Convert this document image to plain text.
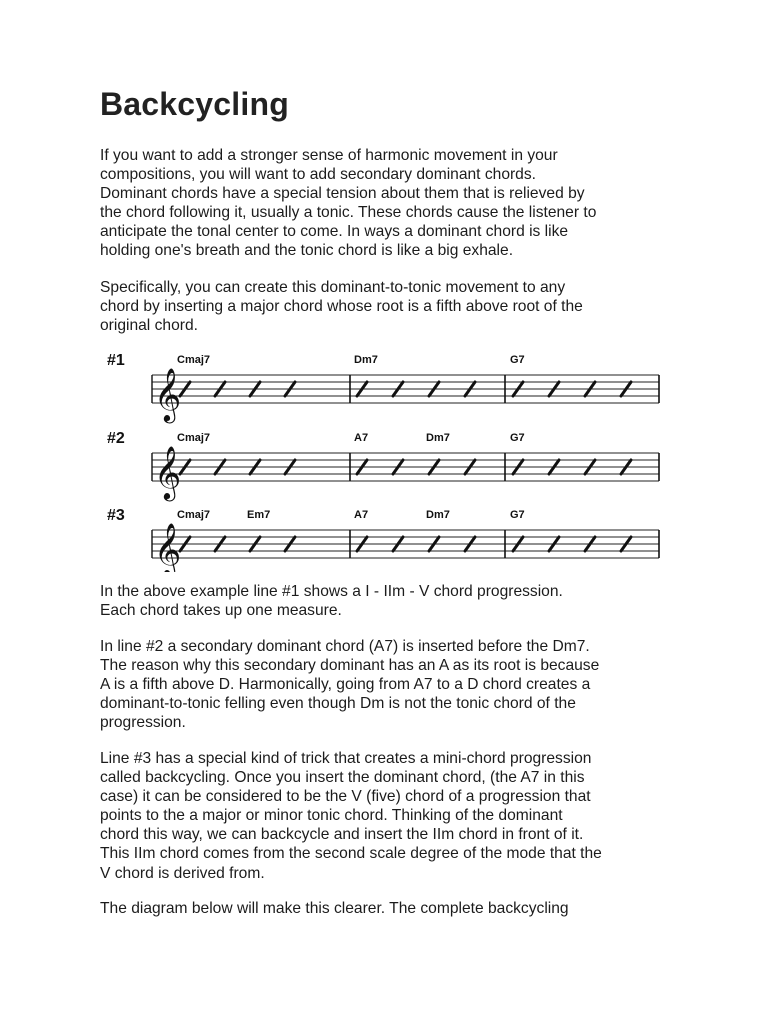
Backcycling

If you want to add a stronger sense of harmonic movement in your
compositions, you will want to add secondary dominant chords.
Dominant chords have a special tension about them that is relieved by
the chord following it, usually a tonic. These chords cause the listener to
anticipate the tonal center to come. In ways a dominant chord is like
holding one's breath and the tonic chord is like a big exhale.

Specifically, you can create this dominant-to-tonic movement to any
chord by inserting a major chord whose root is a fifth above root of the
original chord.

In the above example line #1 shows a I - IIm - V chord progression.
Each chord takes up one measure.

In line #2 a secondary dominant chord (A7) is inserted before the Dm7.
The reason why this secondary dominant has an A as its root is because
A is a fifth above D. Harmonically, going from A7 to a D chord creates a
dominant-to-tonic felling even though Dm is not the tonic chord of the
progression.

Line #3 has a special kind of trick that creates a mini-chord progression
called backcycling. Once you insert the dominant chord, (the A7 in this
case) it can be considered to be the V (five) chord of a progression that
points to the a major or minor tonic chord. Thinking of the dominant
chord this way, we can backcycle and insert the IIm chord in front of it.
This IIm chord comes from the second scale degree of the mode that the
V chord is derived from.

The diagram below will make this clearer. The complete backcycling

#1
𝄞
Cmaj7	Dm7	G7
#2
𝄞
Cmaj7	A7	Dm7	G7
#3
𝄞
Cmaj7	Em7	A7	Dm7	G7
